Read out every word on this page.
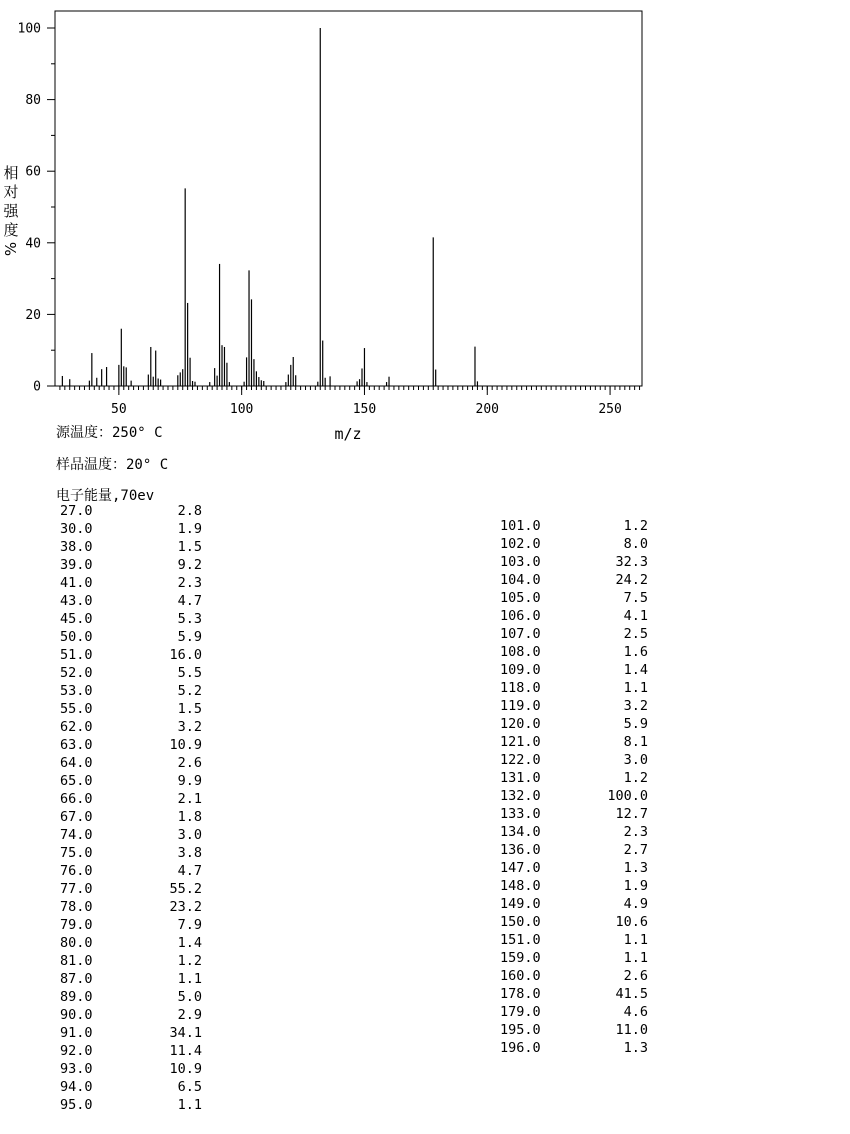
0
20
40
60
80
100
50	100	150	200	250
相
对
强
度
%
m/z
源温度：250° C
样品温度：20° C
电子能量,70ev
27.0	2.8
30.0	1.9
38.0	1.5
39.0	9.2
41.0	2.3
43.0	4.7
45.0	5.3
50.0	5.9
51.0	16.0
52.0	5.5
53.0	5.2
55.0	1.5
62.0	3.2
63.0	10.9
64.0	2.6
65.0	9.9
66.0	2.1
67.0	1.8
74.0	3.0
75.0	3.8
76.0	4.7
77.0	55.2
78.0	23.2
79.0	7.9
80.0	1.4
81.0	1.2
87.0	1.1
89.0	5.0
90.0	2.9
91.0	34.1
92.0	11.4
93.0	10.9
94.0	6.5
95.0	1.1
101.0	1.2
102.0	8.0
103.0	32.3
104.0	24.2
105.0	7.5
106.0	4.1
107.0	2.5
108.0	1.6
109.0	1.4
118.0	1.1
119.0	3.2
120.0	5.9
121.0	8.1
122.0	3.0
131.0	1.2
132.0	100.0
133.0	12.7
134.0	2.3
136.0	2.7
147.0	1.3
148.0	1.9
149.0	4.9
150.0	10.6
151.0	1.1
159.0	1.1
160.0	2.6
178.0	41.5
179.0	4.6
195.0	11.0
196.0	1.3
